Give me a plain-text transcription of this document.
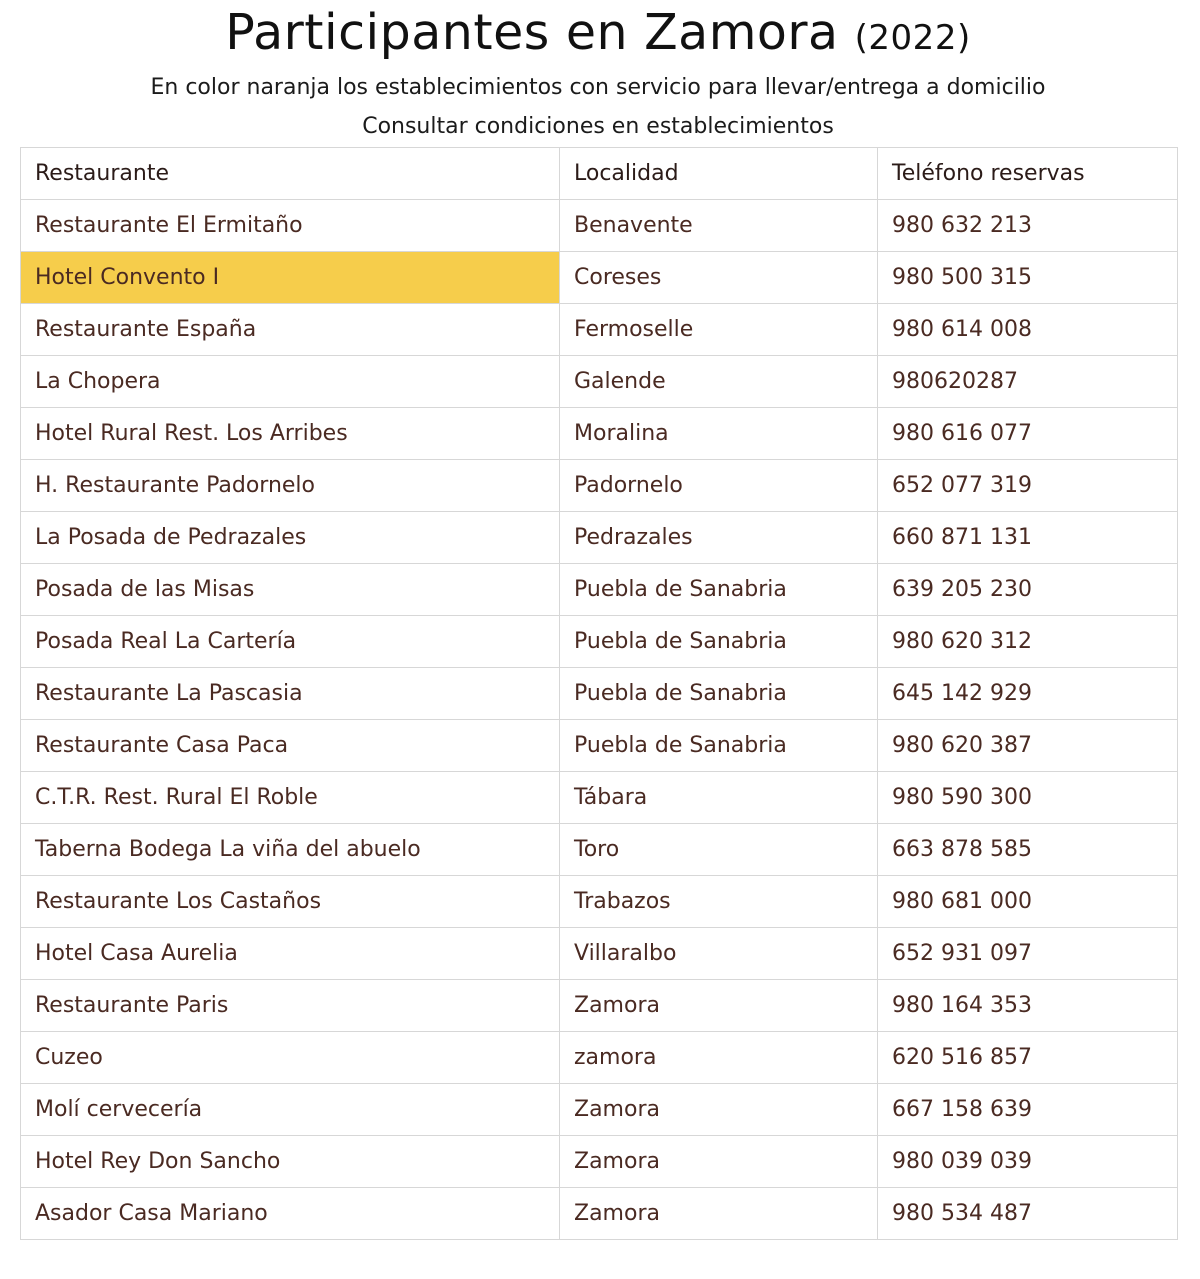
Participantes en Zamora (2022)
En color naranja los establecimientos con servicio para llevar/entrega a domicilio
Consultar condiciones en establecimientos
Restaurante	Localidad	Teléfono reservas
Restaurante El Ermitaño	Benavente	980 632 213
Hotel Convento I	Coreses	980 500 315
Restaurante España	Fermoselle	980 614 008
La Chopera	Galende	980620287
Hotel Rural Rest. Los Arribes	Moralina	980 616 077
H. Restaurante Padornelo	Padornelo	652 077 319
La Posada de Pedrazales	Pedrazales	660 871 131
Posada de las Misas	Puebla de Sanabria	639 205 230
Posada Real La Cartería	Puebla de Sanabria	980 620 312
Restaurante La Pascasia	Puebla de Sanabria	645 142 929
Restaurante Casa Paca	Puebla de Sanabria	980 620 387
C.T.R. Rest. Rural El Roble	Tábara	980 590 300
Taberna Bodega La viña del abuelo	Toro	663 878 585
Restaurante Los Castaños	Trabazos	980 681 000
Hotel Casa Aurelia	Villaralbo	652 931 097
Restaurante Paris	Zamora	980 164 353
Cuzeo	zamora	620 516 857
Molí cervecería	Zamora	667 158 639
Hotel Rey Don Sancho	Zamora	980 039 039
Asador Casa Mariano	Zamora	980 534 487
